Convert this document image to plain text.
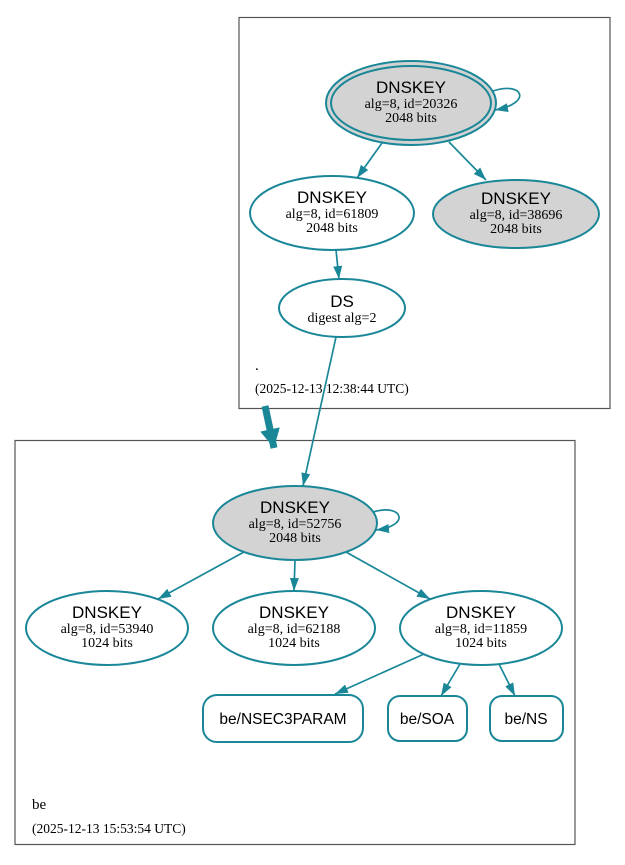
.
(2025-12-13 12:38:44 UTC)
DNSKEY
alg=8, id=20326
2048 bits
DNSKEY
alg=8, id=61809
2048 bits
DNSKEY
alg=8, id=38696
2048 bits
DS
digest alg=2
be
(2025-12-13 15:53:54 UTC)
DNSKEY
alg=8, id=52756
2048 bits
DNSKEY
alg=8, id=53940
1024 bits
DNSKEY
alg=8, id=62188
1024 bits
DNSKEY
alg=8, id=11859
1024 bits
be/NSEC3PARAM	be/SOA	be/NS
